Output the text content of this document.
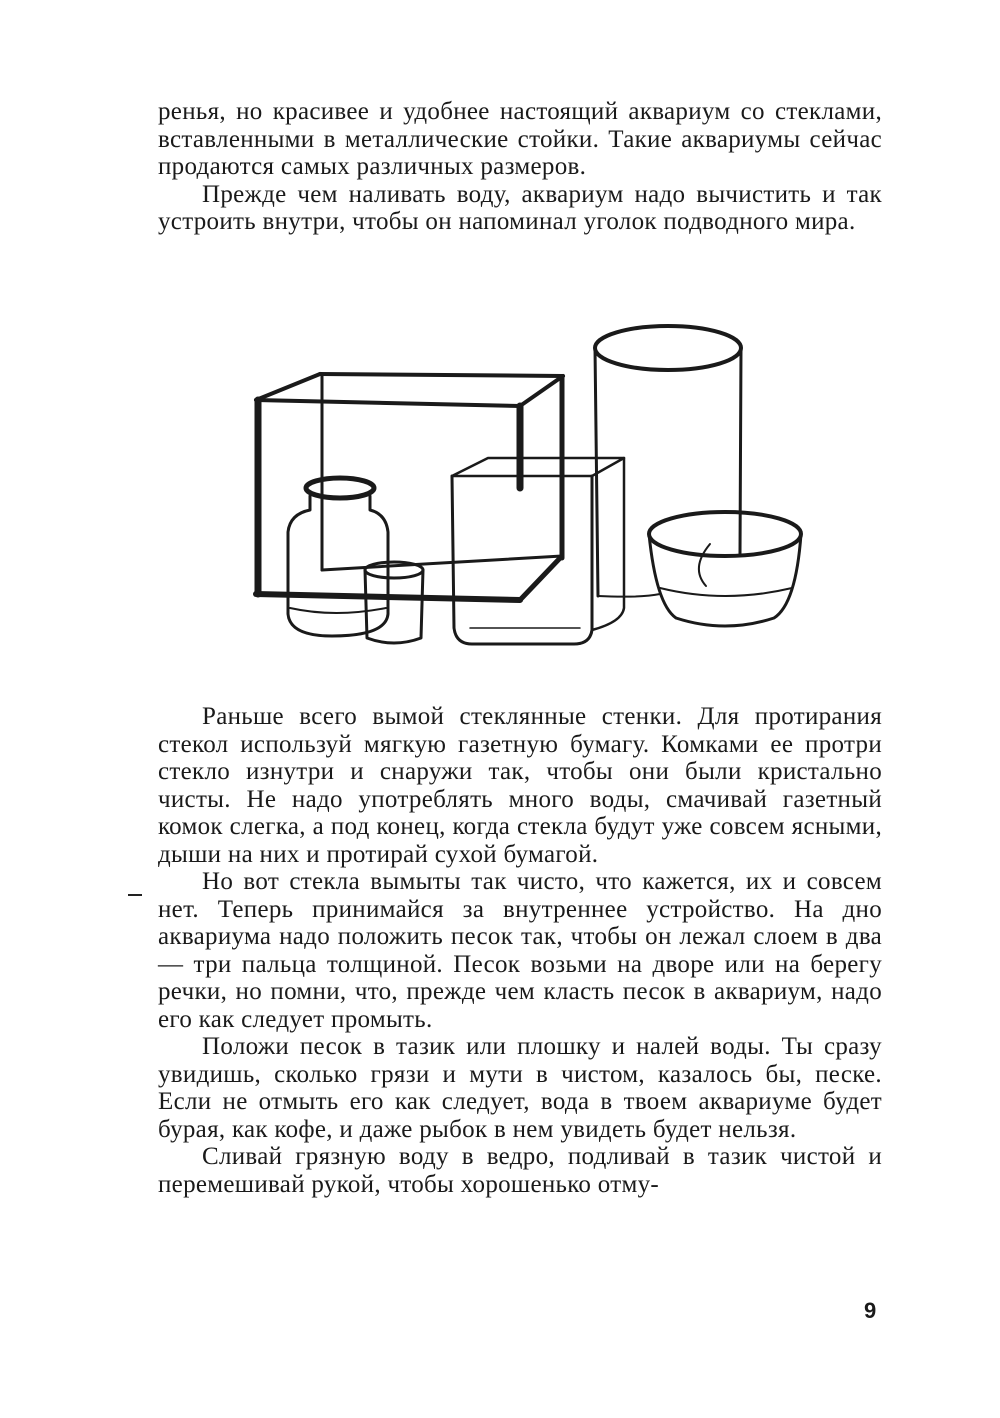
ренья, но красивее и удобнее настоящий аквариум со стеклами, вставленными в металлические стойки. Такие аквариумы сейчас продаются самых различных размеров.

Прежде чем наливать воду, аквариум надо вычистить и так устроить внутри, чтобы он напоминал уголок подводного мира.

Раньше всего вымой стеклянные стенки. Для протирания стекол используй мягкую газетную бумагу. Комками ее протри стекло изнутри и снаружи так, чтобы они были кристально чисты. Не надо употреблять много воды, смачивай газетный комок слегка, а под конец, когда стекла будут уже совсем ясными, дыши на них и протирай сухой бумагой.

Но вот стекла вымыты так чисто, что кажется, их и совсем нет. Теперь принимайся за внутреннее устройство. На дно аквариума надо положить песок так, чтобы он лежал слоем в два — три пальца толщиной. Песок возьми на дворе или на берегу речки, но помни, что, прежде чем класть песок в аквариум, надо его как следует промыть.

Положи песок в тазик или плошку и налей воды. Ты сразу увидишь, сколько грязи и мути в чистом, казалось бы, песке. Если не отмыть его как следует, вода в твоем аквариуме будет бурая, как кофе, и даже рыбок в нем увидеть будет нельзя.

Сливай грязную воду в ведро, подливай в тазик чистой и перемешивай рукой, чтобы хорошенько отму-

9
